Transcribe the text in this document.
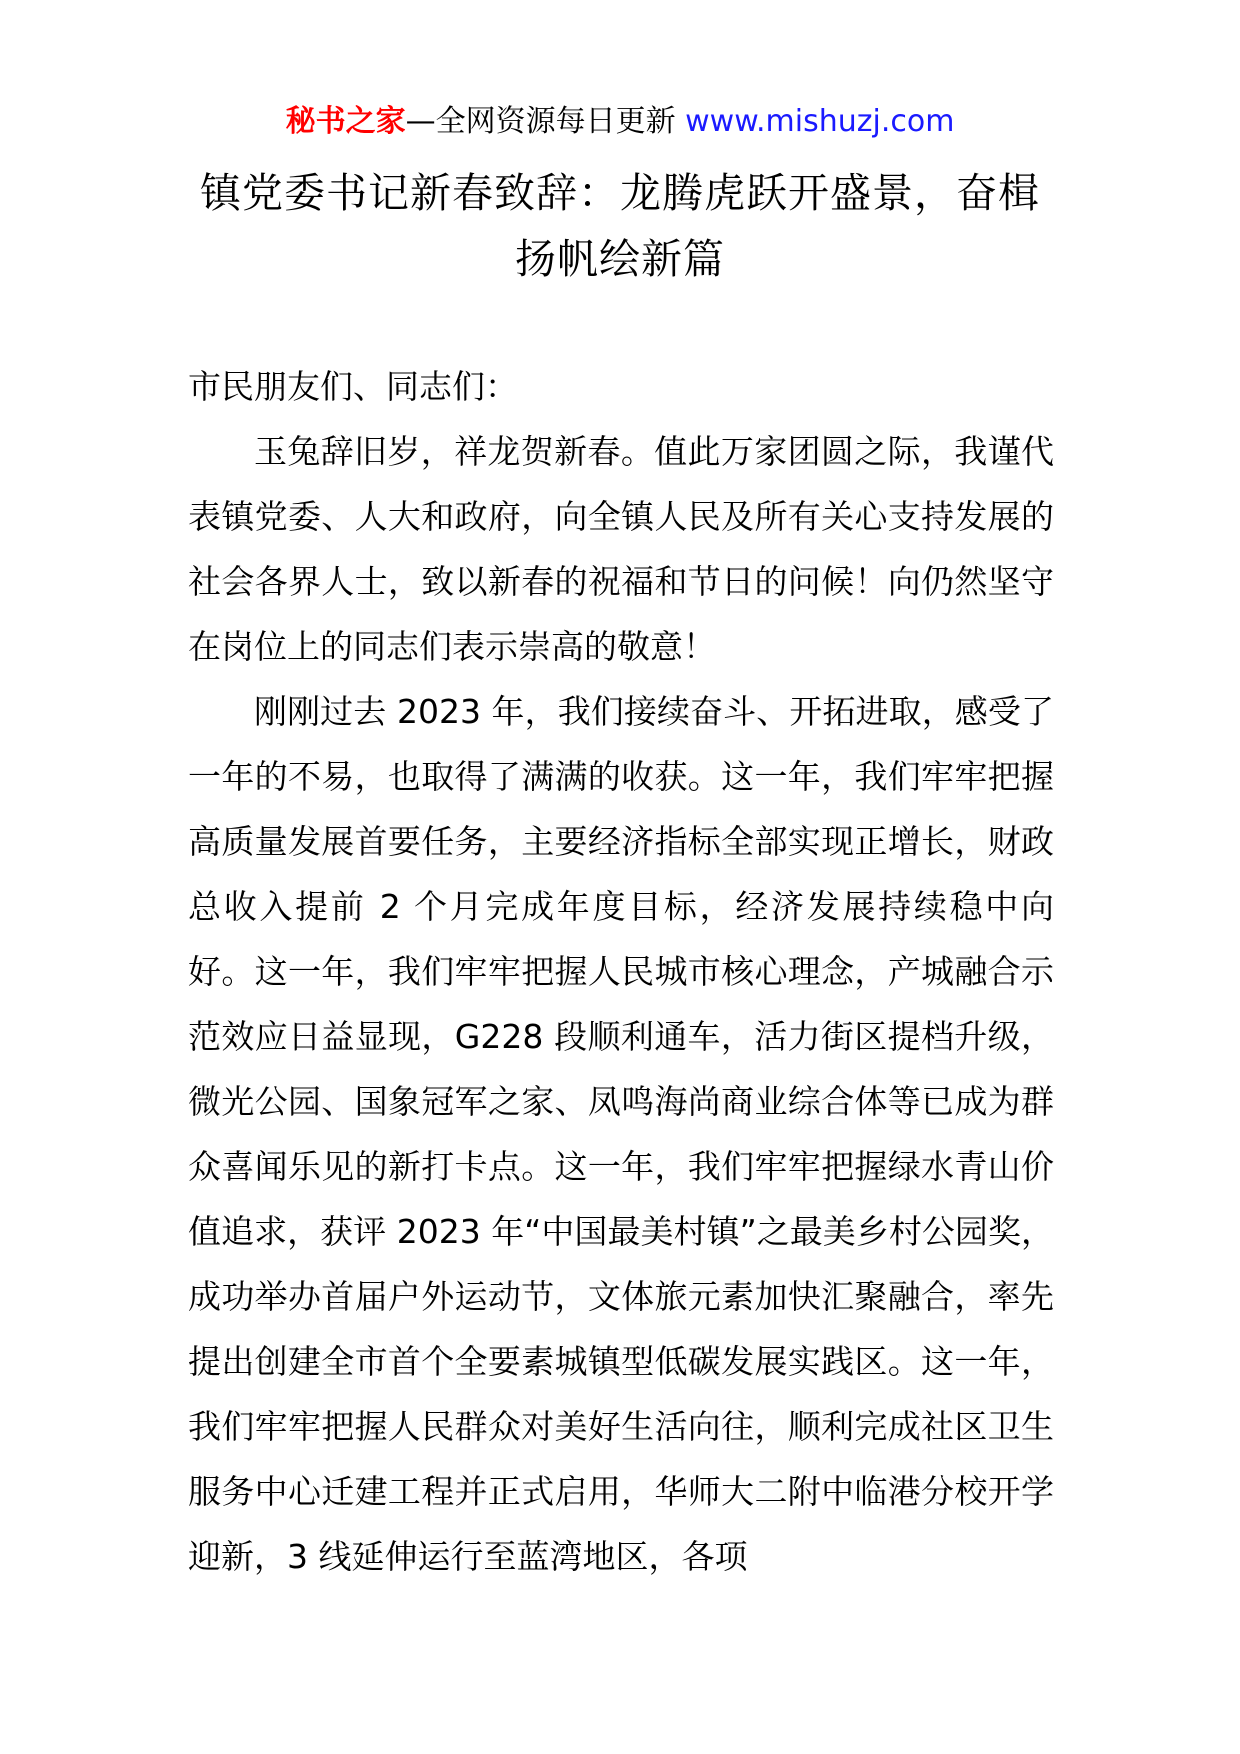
秘书之家—全网资源每日更新 www.mishuzj.com
镇党委书记新春致辞：龙腾虎跃开盛景，奋楫扬帆绘新篇

市民朋友们、同志们：

玉兔辞旧岁，祥龙贺新春。值此万家团圆之际，我谨代表镇党委、人大和政府，向全镇人民及所有关心支持发展的社会各界人士，致以新春的祝福和节日的问候！向仍然坚守在岗位上的同志们表示崇高的敬意！

刚刚过去 2023 年，我们接续奋斗、开拓进取，感受了一年的不易，也取得了满满的收获。这一年，我们牢牢把握高质量发展首要任务，主要经济指标全部实现正增长，财政总收入提前 2 个月完成年度目标，经济发展持续稳中向好。这一年，我们牢牢把握人民城市核心理念，产城融合示范效应日益显现，G228 段顺利通车，活力街区提档升级，微光公园、国象冠军之家、凤鸣海尚商业综合体等已成为群众喜闻乐见的新打卡点。这一年，我们牢牢把握绿水青山价值追求，获评 2023 年“中国最美村镇”之最美乡村公园奖，成功举办首届户外运动节，文体旅元素加快汇聚融合，率先提出创建全市首个全要素城镇型低碳发展实践区。这一年，我们牢牢把握人民群众对美好生活向往，顺利完成社区卫生服务中心迁建工程并正式启用，华师大二附中临港分校开学迎新，3 线延伸运行至蓝湾地区，各项
